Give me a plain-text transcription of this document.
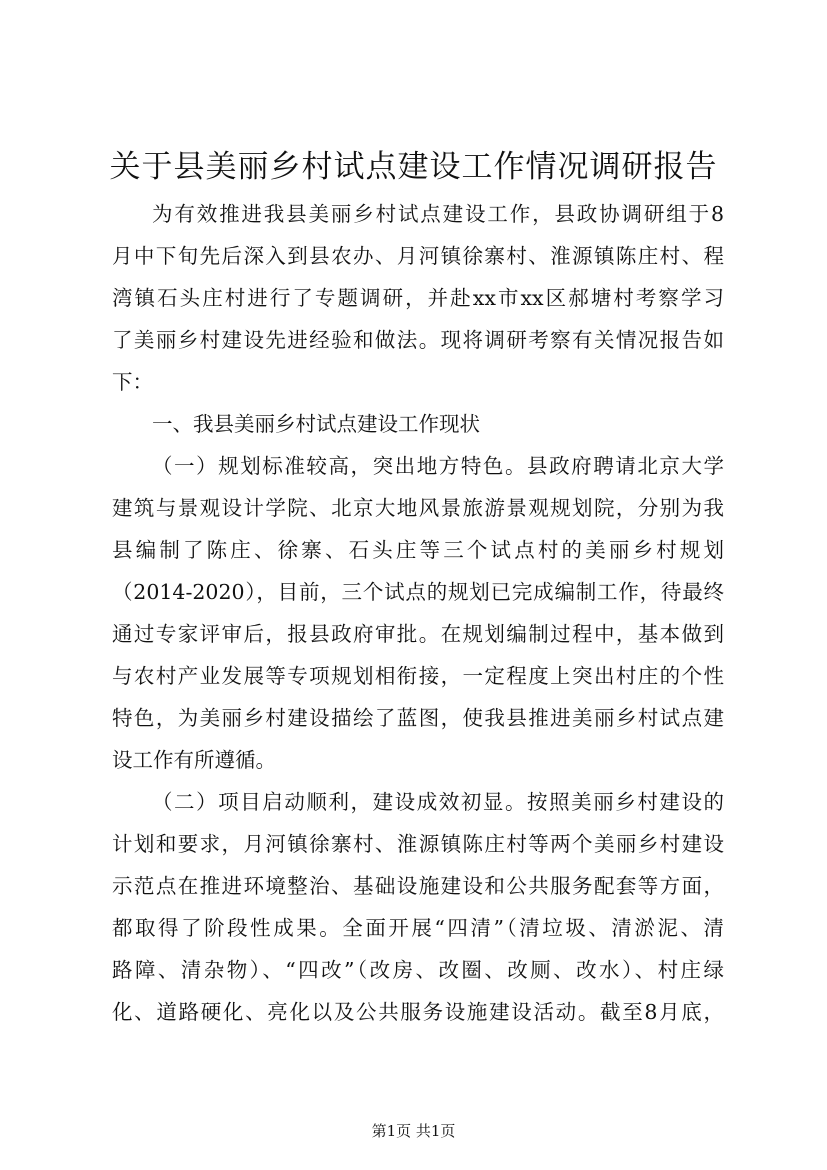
关于县美丽乡村试点建设工作情况调研报告
为有效推进我县美丽乡村试点建设工作，县政协调研组于8
月中下旬先后深入到县农办、月河镇徐寨村、淮源镇陈庄村、程
湾镇石头庄村进行了专题调研，并赴xx市xx区郝塘村考察学习
了美丽乡村建设先进经验和做法。现将调研考察有关情况报告如
下：
一、我县美丽乡村试点建设工作现状
（一）规划标准较高，突出地方特色。县政府聘请北京大学
建筑与景观设计学院、北京大地风景旅游景观规划院，分别为我
县编制了陈庄、徐寨、石头庄等三个试点村的美丽乡村规划
（2014-2020），目前，三个试点的规划已完成编制工作，待最终
通过专家评审后，报县政府审批。在规划编制过程中，基本做到
与农村产业发展等专项规划相衔接，一定程度上突出村庄的个性
特色，为美丽乡村建设描绘了蓝图，使我县推进美丽乡村试点建
设工作有所遵循。
（二）项目启动顺利，建设成效初显。按照美丽乡村建设的
计划和要求，月河镇徐寨村、淮源镇陈庄村等两个美丽乡村建设
示范点在推进环境整治、基础设施建设和公共服务配套等方面，
都取得了阶段性成果。全面开展“四清”（清垃圾、清淤泥、清
路障、清杂物）、“四改”（改房、改圈、改厕、改水）、村庄绿
化、道路硬化、亮化以及公共服务设施建设活动。截至8月底，
第1页 共1页
